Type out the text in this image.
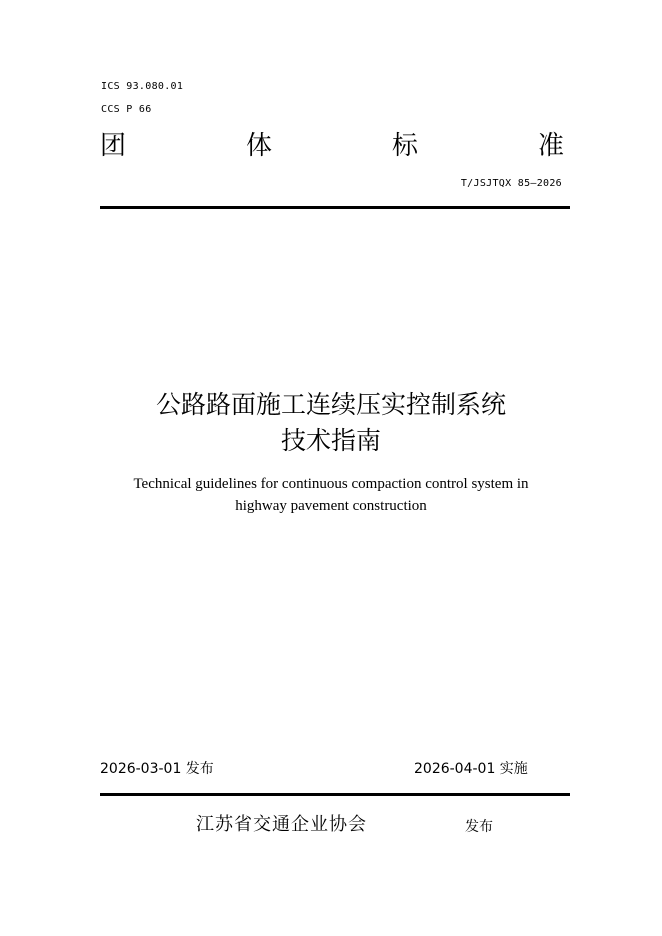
ICS 93.080.01
CCS P 66
团	体	标	准
T/JSJTQX 85—2026
公路路面施工连续压实控制系统
技术指南
Technical guidelines for continuous compaction control system in
highway pavement construction
2026-03-01 发布	2026-04-01 实施
江苏省交通企业协会	发布
